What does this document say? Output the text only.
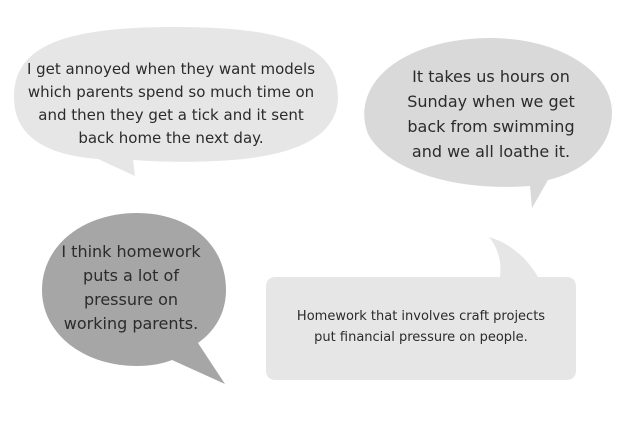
I get annoyed when they want models
which parents spend so much time on
and then they get a tick and it sent
back home the next day.

It takes us hours on
Sunday when we get
back from swimming
and we all loathe it.

I think homework
puts a lot of
pressure on
working parents.	Homework that involves craft projects
put financial pressure on people.
